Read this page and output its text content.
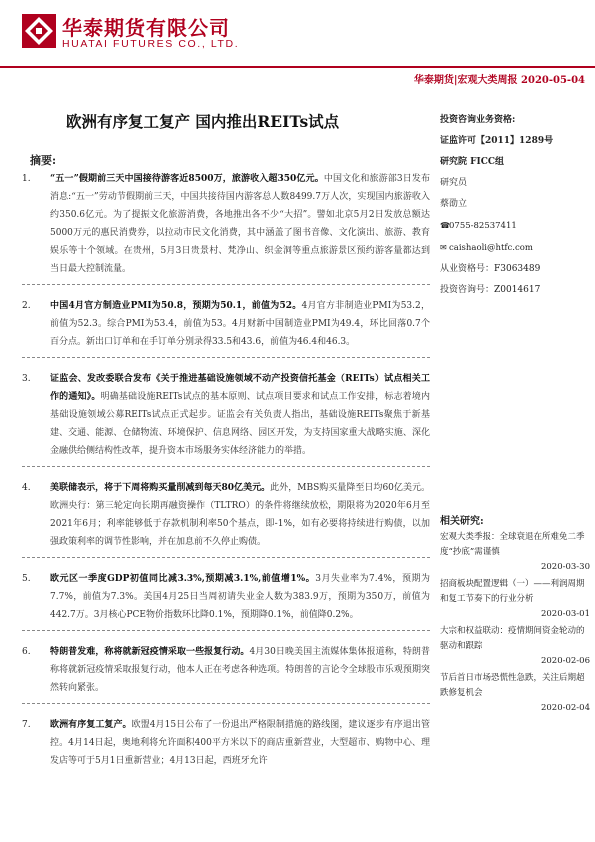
华泰期货有限公司
HUATAI FUTURES CO., LTD.
华泰期货|宏观大类周报 2020-05-04
欧洲有序复工复产 国内推出REITs试点
摘要:
1. “五一”假期前三天中国接待游客近8500万，旅游收入超350亿元。中国文化和旅游部3日发布消息:“五一”劳动节假期前三天，中国共接待国内游客总人数8499.7万人次，实现国内旅游收入约350.6亿元。为了提振文化旅游消费，各地推出各不少“大招”。譬如北京5月2日发放总额达5000万元的惠民消费券，以拉动市民文化消费，其中涵盖了图书音像、文化演出、旅游、教育娱乐等十个领域。在贵州，5月3日贵景村、梵净山、织金洞等重点旅游景区预约游客量都达到当日最大控制流量。
2. 中国4月官方制造业PMI为50.8，预期为50.1，前值为52。4月官方非制造业PMI为53.2，前值为52.3。综合PMI为53.4，前值为53。4月财新中国制造业PMI为49.4，环比回落0.7个百分点。新出口订单和在手订单分别录得33.5和43.6，前值为46.4和46.3。
3. 证监会、发改委联合发布《关于推进基础设施领域不动产投资信托基金（REITs）试点相关工作的通知》。明确基础设施REITs试点的基本原则、试点项目要求和试点工作安排，标志着境内基础设施领域公募REITs试点正式起步。证监会有关负责人指出，基础设施REITs聚焦于新基建、交通、能源、仓储物流、环境保护、信息网络、园区开发，为支持国家重大战略实施、深化金融供给侧结构性改革，提升资本市场服务实体经济能力的举措。
4. 美联储表示，将于下周将购买量削减到每天80亿美元。此外，MBS购买量降至日均60亿美元。欧洲央行：第三轮定向长期再融资操作（TLTRO）的条件将继续放松，期限将为2020年6月至2021年6月；利率能够低于存款机制利率50个基点，即-1%，如有必要将持续进行购债，以加强政策利率的调节性影响，并在加息前不久停止购债。
5. 欧元区一季度GDP初值同比减3.3%,预期减3.1%,前值增1%。3月失业率为7.4%，预期为7.7%，前值为7.3%。美国4月25日当周初请失业金人数为383.9万，预期为350万，前值为442.7万。3月核心PCE物价指数环比降0.1%，预期降0.1%，前值降0.2%。
6. 特朗普发难，称将就新冠疫情采取一些报复行动。4月30日晚美国主流媒体集体报道称，特朗普称将就新冠疫情采取报复行动，他本人正在考虑各种选项。特朗普的言论令全球股市乐观预期突然转向紧张。
7. 欧洲有序复工复产。欧盟4月15日公布了一份退出严格限制措施的路线图，建议逐步有序退出管控。4月14日起，奥地利将允许面积400平方米以下的商店重新营业，大型超市、购物中心、理发店等可于5月1日重新营业；4月13日起，西班牙允许
投资咨询业务资格:
证监许可【2011】1289号
研究院 FICC组
研究员
蔡劭立
☎0755-82537411
✉ caishaoli@htfc.com
从业资格号：F3063489
投资咨询号：Z0014617
相关研究:
宏观大类季报：全球衰退在所难免二季度“抄底”需谨慎
2020-03-30
招商板块配置逻辑（一）——利润周期和复工节奏下的行业分析
2020-03-01
大宗和权益联动：疫情期间资金轮动的驱动和跟踪
2020-02-06
节后首日市场恐慌性急跌，关注后期超跌修复机会
2020-02-04
